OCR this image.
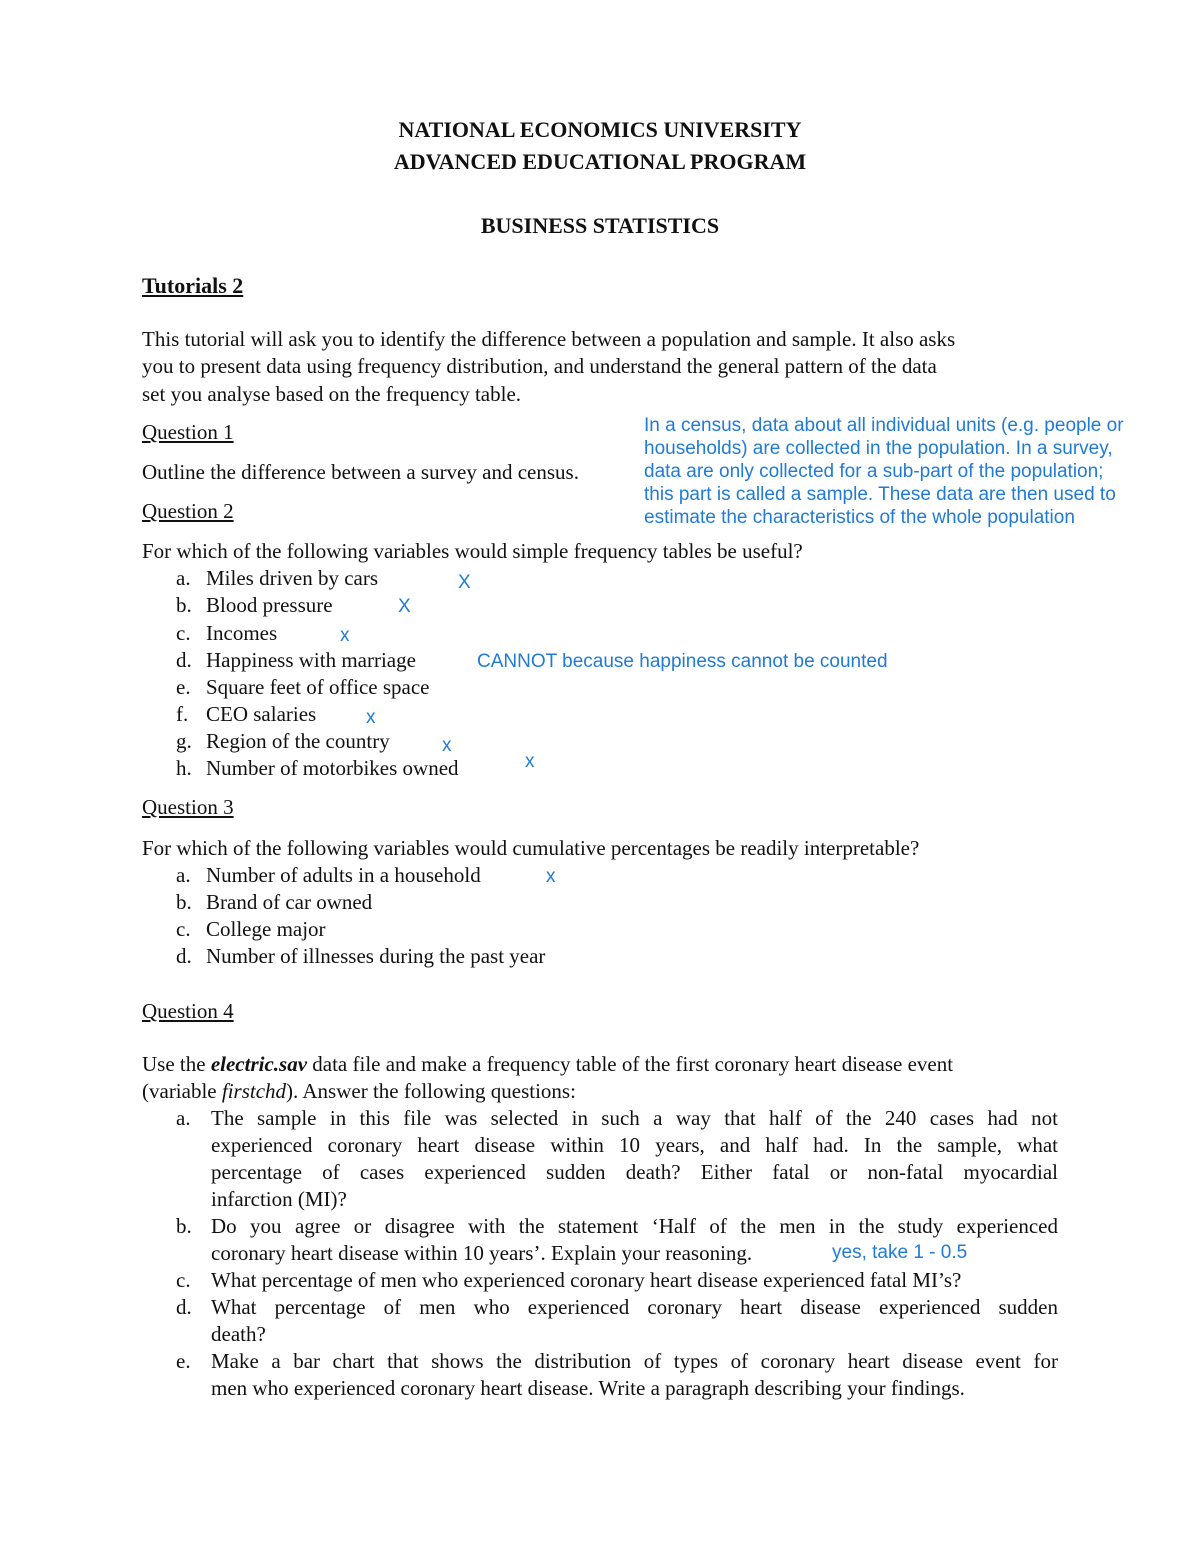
NATIONAL ECONOMICS UNIVERSITY
ADVANCED EDUCATIONAL PROGRAM
BUSINESS STATISTICS
Tutorials 2
This tutorial will ask you to identify the difference between a population and sample. It also asks
you to present data using frequency distribution, and understand the general pattern of the data
set you analyse based on the frequency table.
Question 1
Outline the difference between a survey and census.
In a census, data about all individual units (e.g. people or
households) are collected in the population. In a survey,
data are only collected for a sub-part of the population;
this part is called a sample. These data are then used to
estimate the characteristics of the whole population
Question 2
For which of the following variables would simple frequency tables be useful?
a. Miles driven by cars	X
b. Blood pressure	X
c. Incomes	x
d. Happiness with marriage	CANNOT because happiness cannot be counted
e. Square feet of office space
f. CEO salaries	x
g. Region of the country	x
h. Number of motorbikes owned	x
Question 3
For which of the following variables would cumulative percentages be readily interpretable?
a. Number of adults in a household	x
b. Brand of car owned
c. College major
d. Number of illnesses during the past year
Question 4
Use the electric.sav data file and make a frequency table of the first coronary heart disease event
(variable firstchd). Answer the following questions:
a. The sample in this file was selected in such a way that half of the 240 cases had not
experienced coronary heart disease within 10 years, and half had. In the sample, what
percentage of cases experienced sudden death? Either fatal or non-fatal myocardial
infarction (MI)?
b. Do you agree or disagree with the statement ‘Half of the men in the study experienced
coronary heart disease within 10 years’. Explain your reasoning.	yes, take 1 - 0.5
c. What percentage of men who experienced coronary heart disease experienced fatal MI’s?
d. What percentage of men who experienced coronary heart disease experienced sudden
death?
e. Make a bar chart that shows the distribution of types of coronary heart disease event for
men who experienced coronary heart disease. Write a paragraph describing your findings.
